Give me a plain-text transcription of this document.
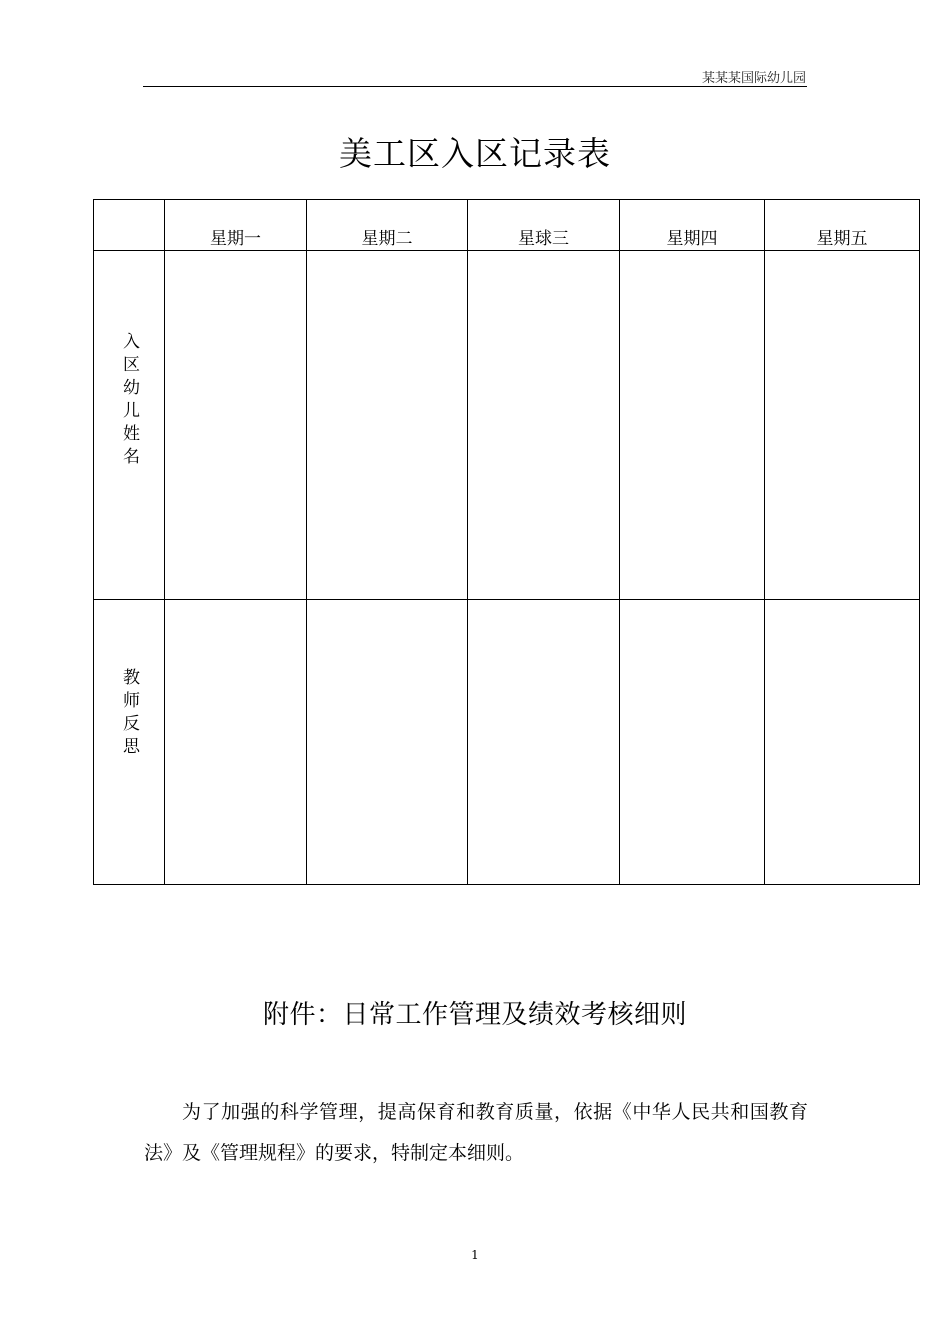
某某某国际幼儿园
美工区入区记录表

	星期一	星期二	星球三	星期四	星期五

入区幼儿姓名					
教师反思					
附件：日常工作管理及绩效考核细则
为了加强的科学管理，提高保育和教育质量，依据《中华人民共和国教育法》及《管理规程》的要求，特制定本细则。
1
